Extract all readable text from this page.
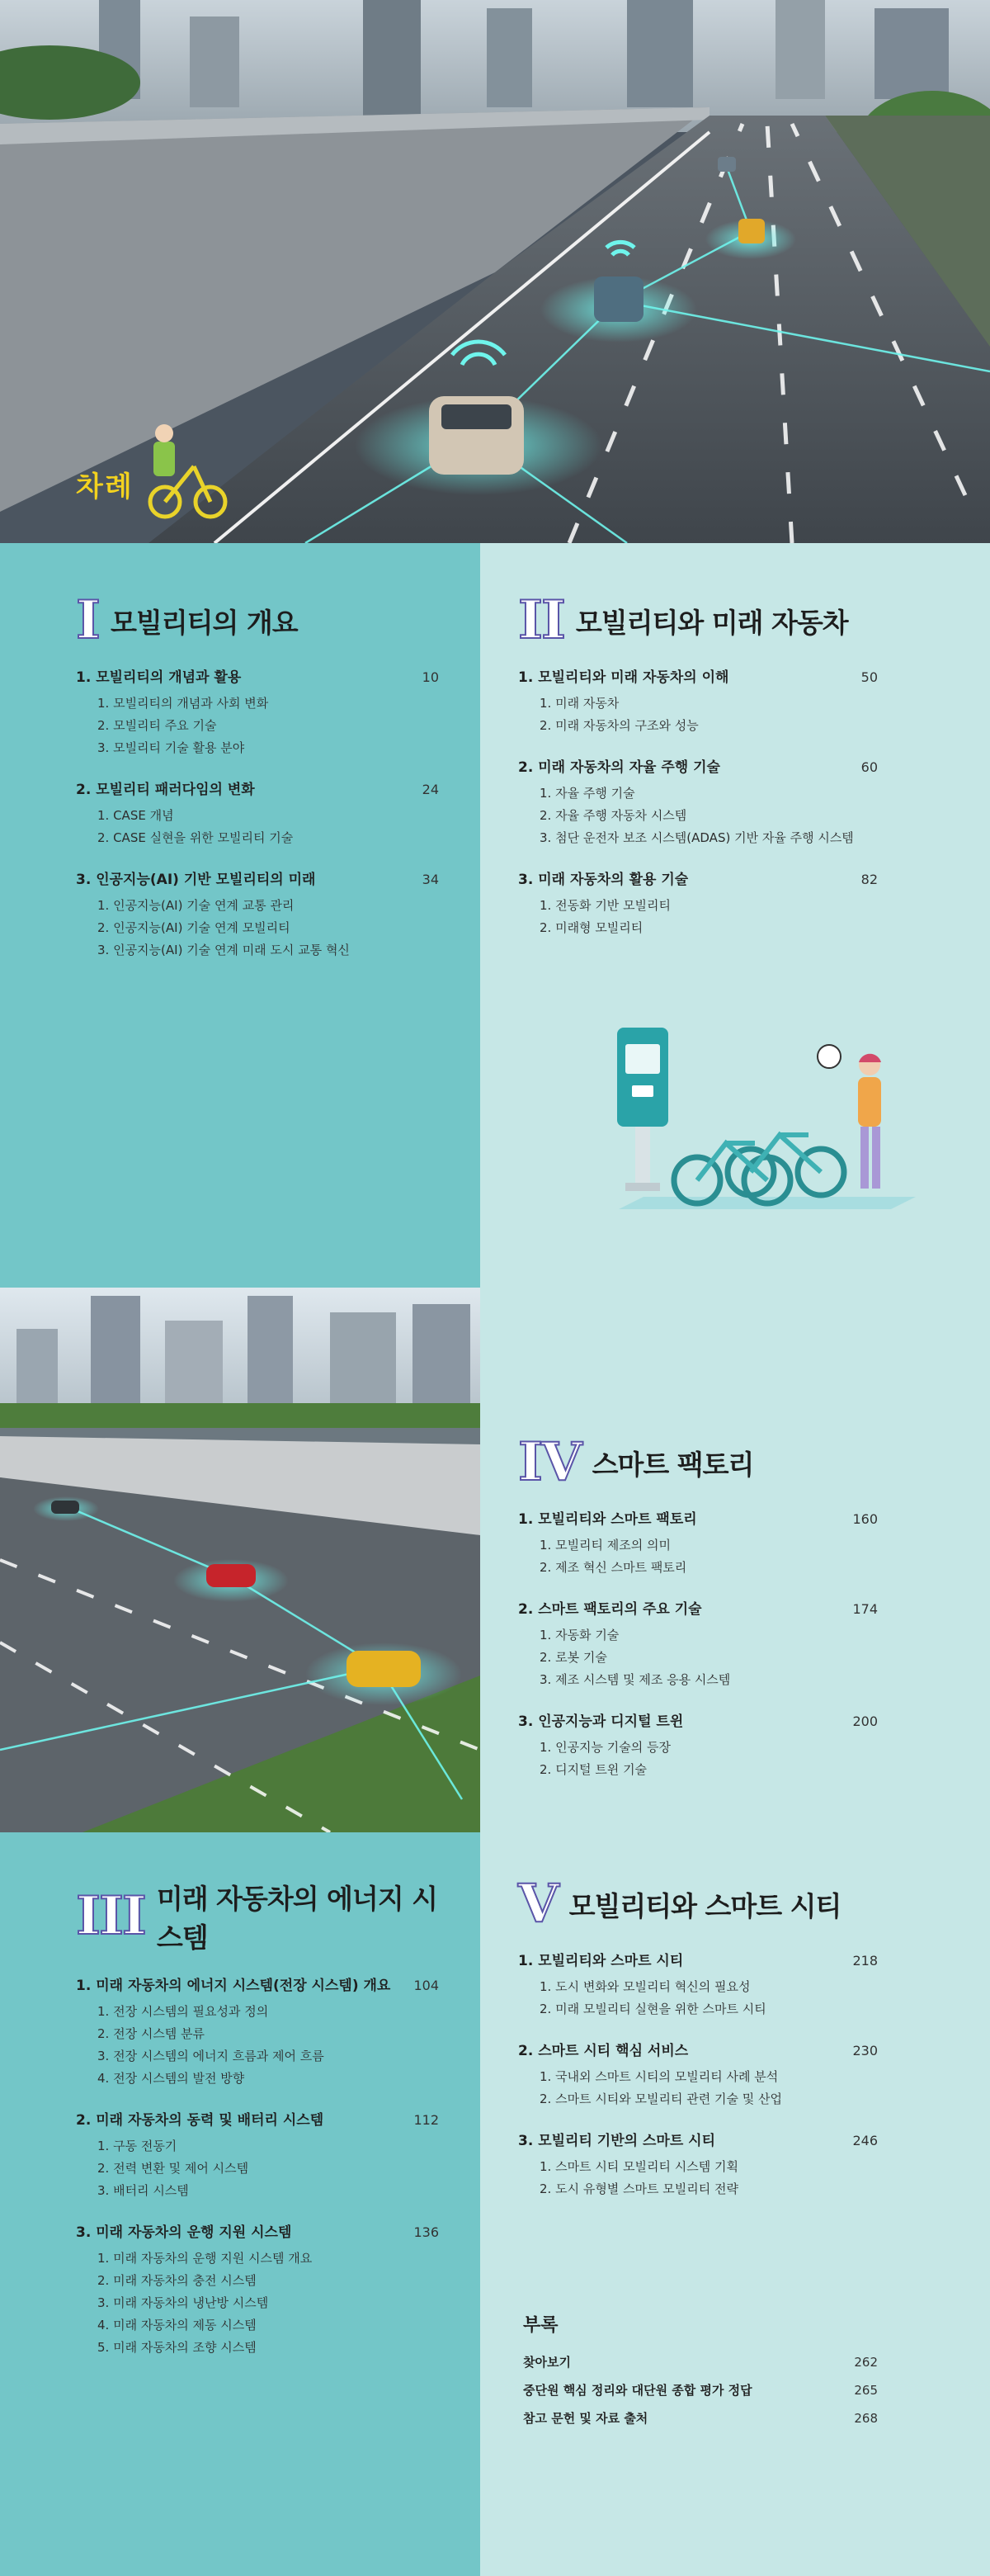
차례
I 모빌리티의 개요
1. 모빌리티의 개념과 활용	10
1. 모빌리티의 개념과 사회 변화
2. 모빌리티 주요 기술
3. 모빌리티 기술 활용 분야
2. 모빌리티 패러다임의 변화	24
1. CASE 개념
2. CASE 실현을 위한 모빌리티 기술
3. 인공지능(AI) 기반 모빌리티의 미래	34
1. 인공지능(AI) 기술 연계 교통 관리
2. 인공지능(AI) 기술 연계 모빌리티
3. 인공지능(AI) 기술 연계 미래 도시 교통 혁신
II 모빌리티와 미래 자동차
1. 모빌리티와 미래 자동차의 이해	50
1. 미래 자동차
2. 미래 자동차의 구조와 성능
2. 미래 자동차의 자율 주행 기술	60
1. 자율 주행 기술
2. 자율 주행 자동차 시스템
3. 첨단 운전자 보조 시스템(ADAS) 기반 자율 주행 시스템
3. 미래 자동차의 활용 기술	82
1. 전동화 기반 모빌리티
2. 미래형 모빌리티
IV 스마트 팩토리
1. 모빌리티와 스마트 팩토리	160
1. 모빌리티 제조의 의미
2. 제조 혁신 스마트 팩토리
2. 스마트 팩토리의 주요 기술	174
1. 자동화 기술
2. 로봇 기술
3. 제조 시스템 및 제조 응용 시스템
3. 인공지능과 디지털 트윈	200
1. 인공지능 기술의 등장
2. 디지털 트윈 기술
III 미래 자동차의 에너지 시스템
1. 미래 자동차의 에너지 시스템(전장 시스템) 개요 104
1. 전장 시스템의 필요성과 정의
2. 전장 시스템 분류
3. 전장 시스템의 에너지 흐름과 제어 흐름
4. 전장 시스템의 발전 방향
2. 미래 자동차의 동력 및 배터리 시스템	112
1. 구동 전동기
2. 전력 변환 및 제어 시스템
3. 배터리 시스템
3. 미래 자동차의 운행 지원 시스템	136
1. 미래 자동차의 운행 지원 시스템 개요
2. 미래 자동차의 충전 시스템
3. 미래 자동차의 냉난방 시스템
4. 미래 자동차의 제동 시스템
5. 미래 자동차의 조향 시스템
V 모빌리티와 스마트 시티
1. 모빌리티와 스마트 시티	218
1. 도시 변화와 모빌리티 혁신의 필요성
2. 미래 모빌리티 실현을 위한 스마트 시티
2. 스마트 시티 핵심 서비스	230
1. 국내외 스마트 시티의 모빌리티 사례 분석
2. 스마트 시티와 모빌리티 관련 기술 및 산업
3. 모빌리티 기반의 스마트 시티	246
1. 스마트 시티 모빌리티 시스템 기획
2. 도시 유형별 스마트 모빌리티 전략
부록
찾아보기	262
중단원 핵심 정리와 대단원 종합 평가 정답	265
참고 문헌 및 자료 출처	268
